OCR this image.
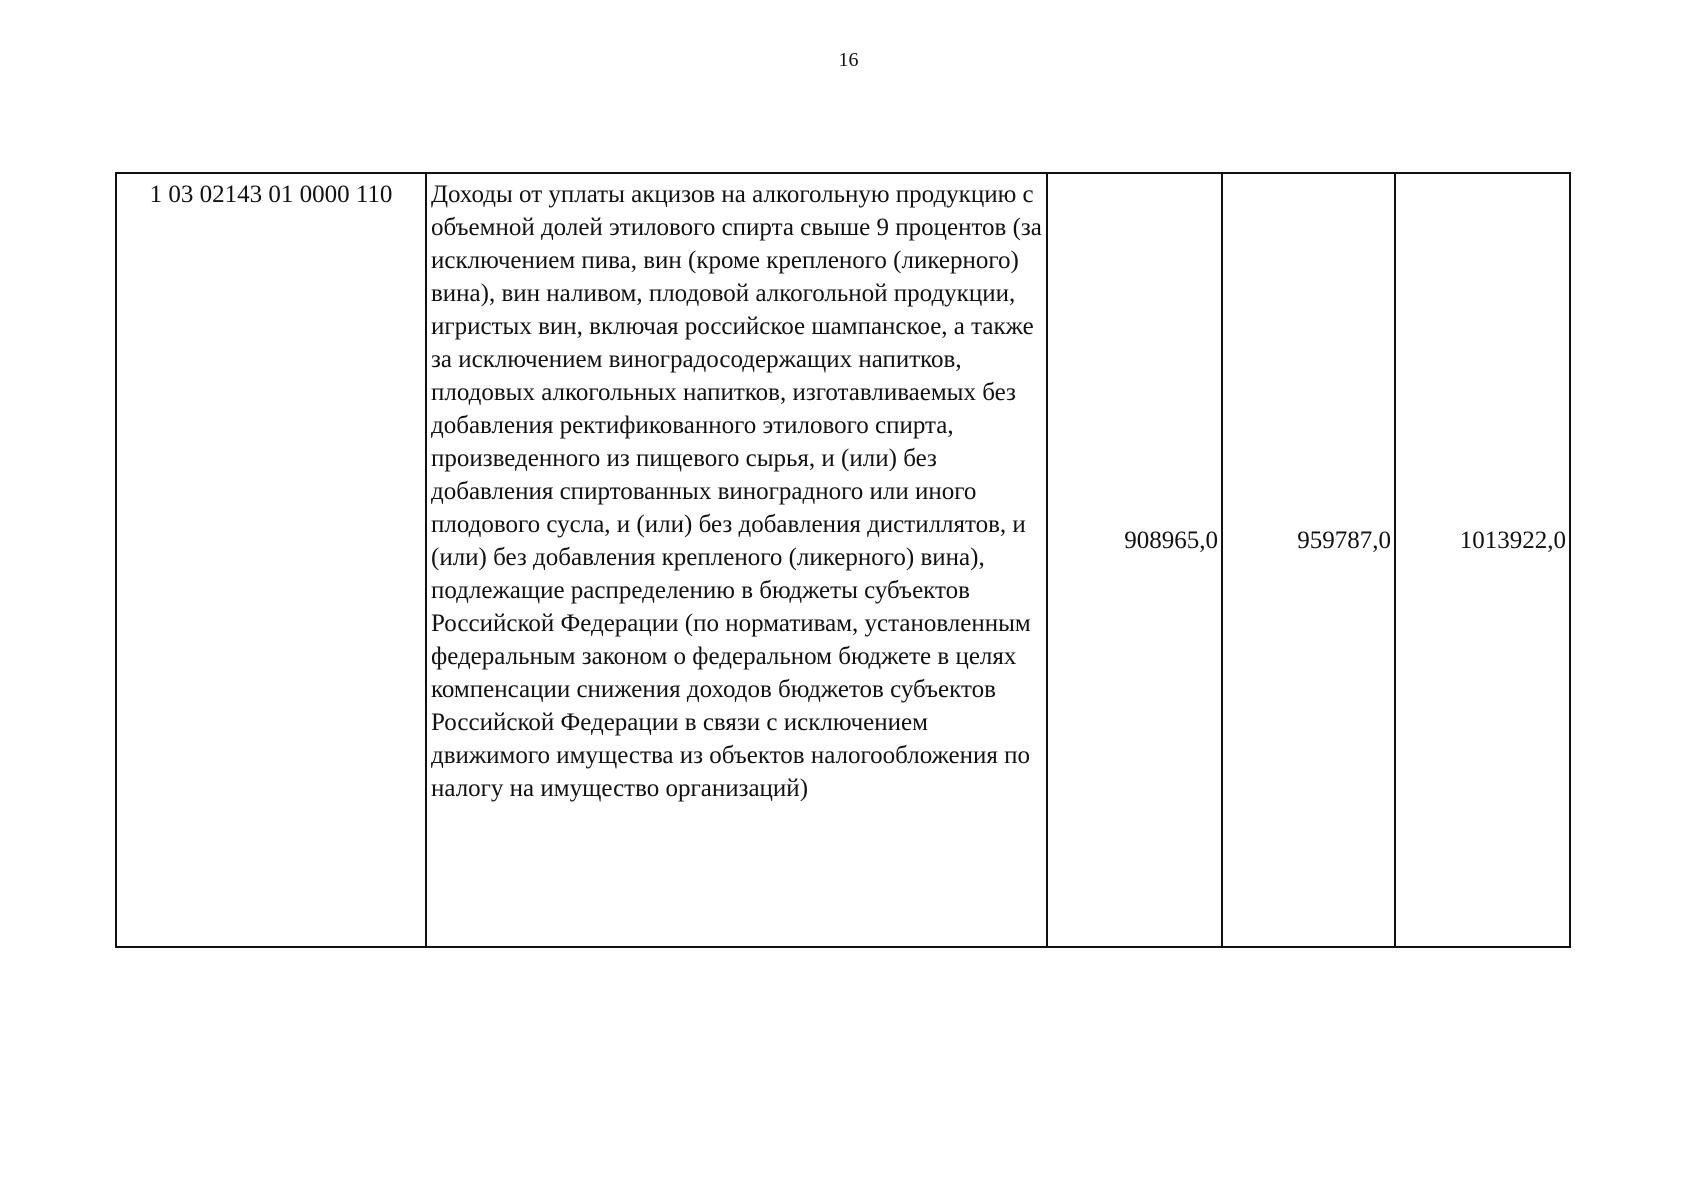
16
1 03 02143 01 0000 110	Доходы от уплаты акцизов на алкогольную продукцию с объемной долей этилового спирта свыше 9 процентов (за исключением пива, вин (кроме крепленого (ликерного) вина), вин наливом, плодовой алкогольной продукции, игристых вин, включая российское шампанское, а также за исключением виноградосодержащих напитков, плодовых алкогольных напитков, изготавливаемых без добавления ректификованного этилового спирта, произведенного из пищевого сырья, и (или) без добавления спиртованных виноградного или иного плодового сусла, и (или) без добавления дистиллятов, и (или) без добавления крепленого (ликерного) вина), подлежащие распределению в бюджеты субъектов Российской Федерации (по нормативам, установленным федеральным законом о федеральном бюджете в целях компенсации снижения доходов бюджетов субъектов Российской Федерации в связи с исключением движимого имущества из объектов налогообложения по налогу на имущество организаций)	908965,0	959787,0	1013922,0
